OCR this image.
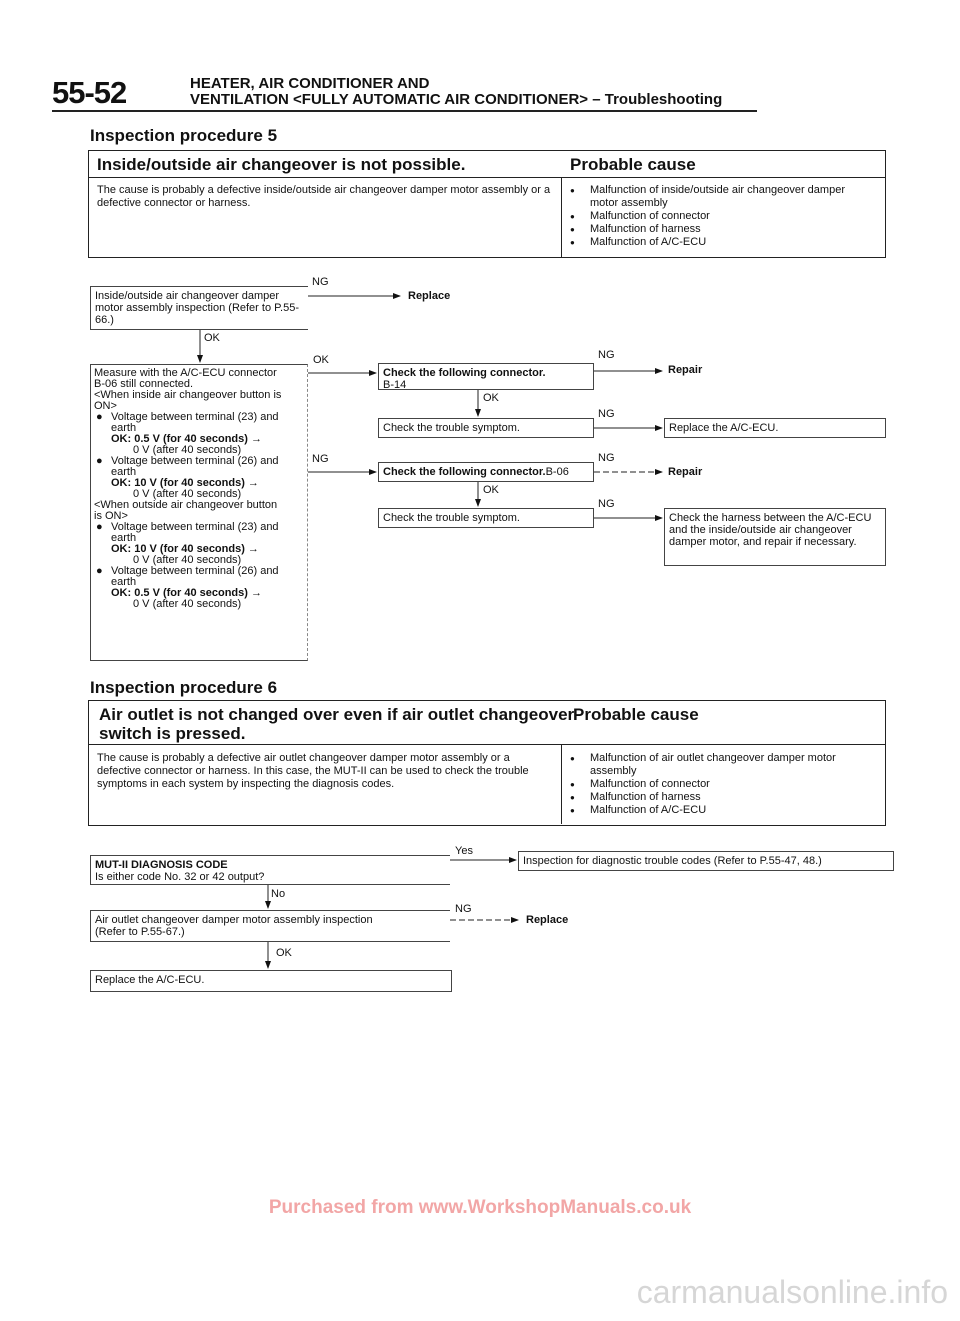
55-52	HEATER, AIR CONDITIONER AND
VENTILATION <FULLY AUTOMATIC AIR CONDITIONER> – Troubleshooting
Inspection procedure 5
Inside/outside air changeover is not possible.	Probable cause
The cause is probably a defective inside/outside air changeover damper motor assembly or a defective connector or harness.
● Malfunction of inside/outside air changeover damper motor assembly
● Malfunction of connector
● Malfunction of harness
● Malfunction of A/C-ECU
Inside/outside air changeover damper motor assembly inspection (Refer to P.55-66.)
NG
Replace
OK
Measure with the A/C-ECU connector
B-06 still connected.
<When inside air changeover button is
ON>
● Voltage between terminal (23) and
earth
OK: 0.5 V (for 40 seconds) →
0 V (after 40 seconds)
● Voltage between terminal (26) and
earth
OK: 10 V (for 40 seconds) →
0 V (after 40 seconds)
<When outside air changeover button
is ON>
● Voltage between terminal (23) and
earth
OK: 10 V (for 40 seconds) →
0 V (after 40 seconds)
● Voltage between terminal (26) and
earth
OK: 0.5 V (for 40 seconds) →
0 V (after 40 seconds)
OK
NG
Check the following connector.
B-14
NG
Repair
OK
Check the trouble symptom.
NG
Replace the A/C-ECU.
Check the following connector.B-06
NG
Repair
OK
Check the trouble symptom.
NG
Check the harness between the A/C-ECU and the inside/outside air changeover damper motor, and repair if necessary.
Inspection procedure 6
Air outlet is not changed over even if air outlet changeover
switch is pressed.
Probable cause
The cause is probably a defective air outlet changeover damper motor assembly or a defective connector or harness. In this case, the MUT-II can be used to check the trouble symptoms in each system by inspecting the diagnosis codes.
● Malfunction of air outlet changeover damper motor assembly
● Malfunction of connector
● Malfunction of harness
● Malfunction of A/C-ECU
MUT-II DIAGNOSIS CODE
Is either code No. 32 or 42 output?
Yes
Inspection for diagnostic trouble codes (Refer to P.55-47, 48.)
No
Air outlet changeover damper motor assembly inspection
(Refer to P.55-67.)
NG
Replace
OK
Replace the A/C-ECU.
Purchased from www.WorkshopManuals.co.uk
carmanualsonline.info
